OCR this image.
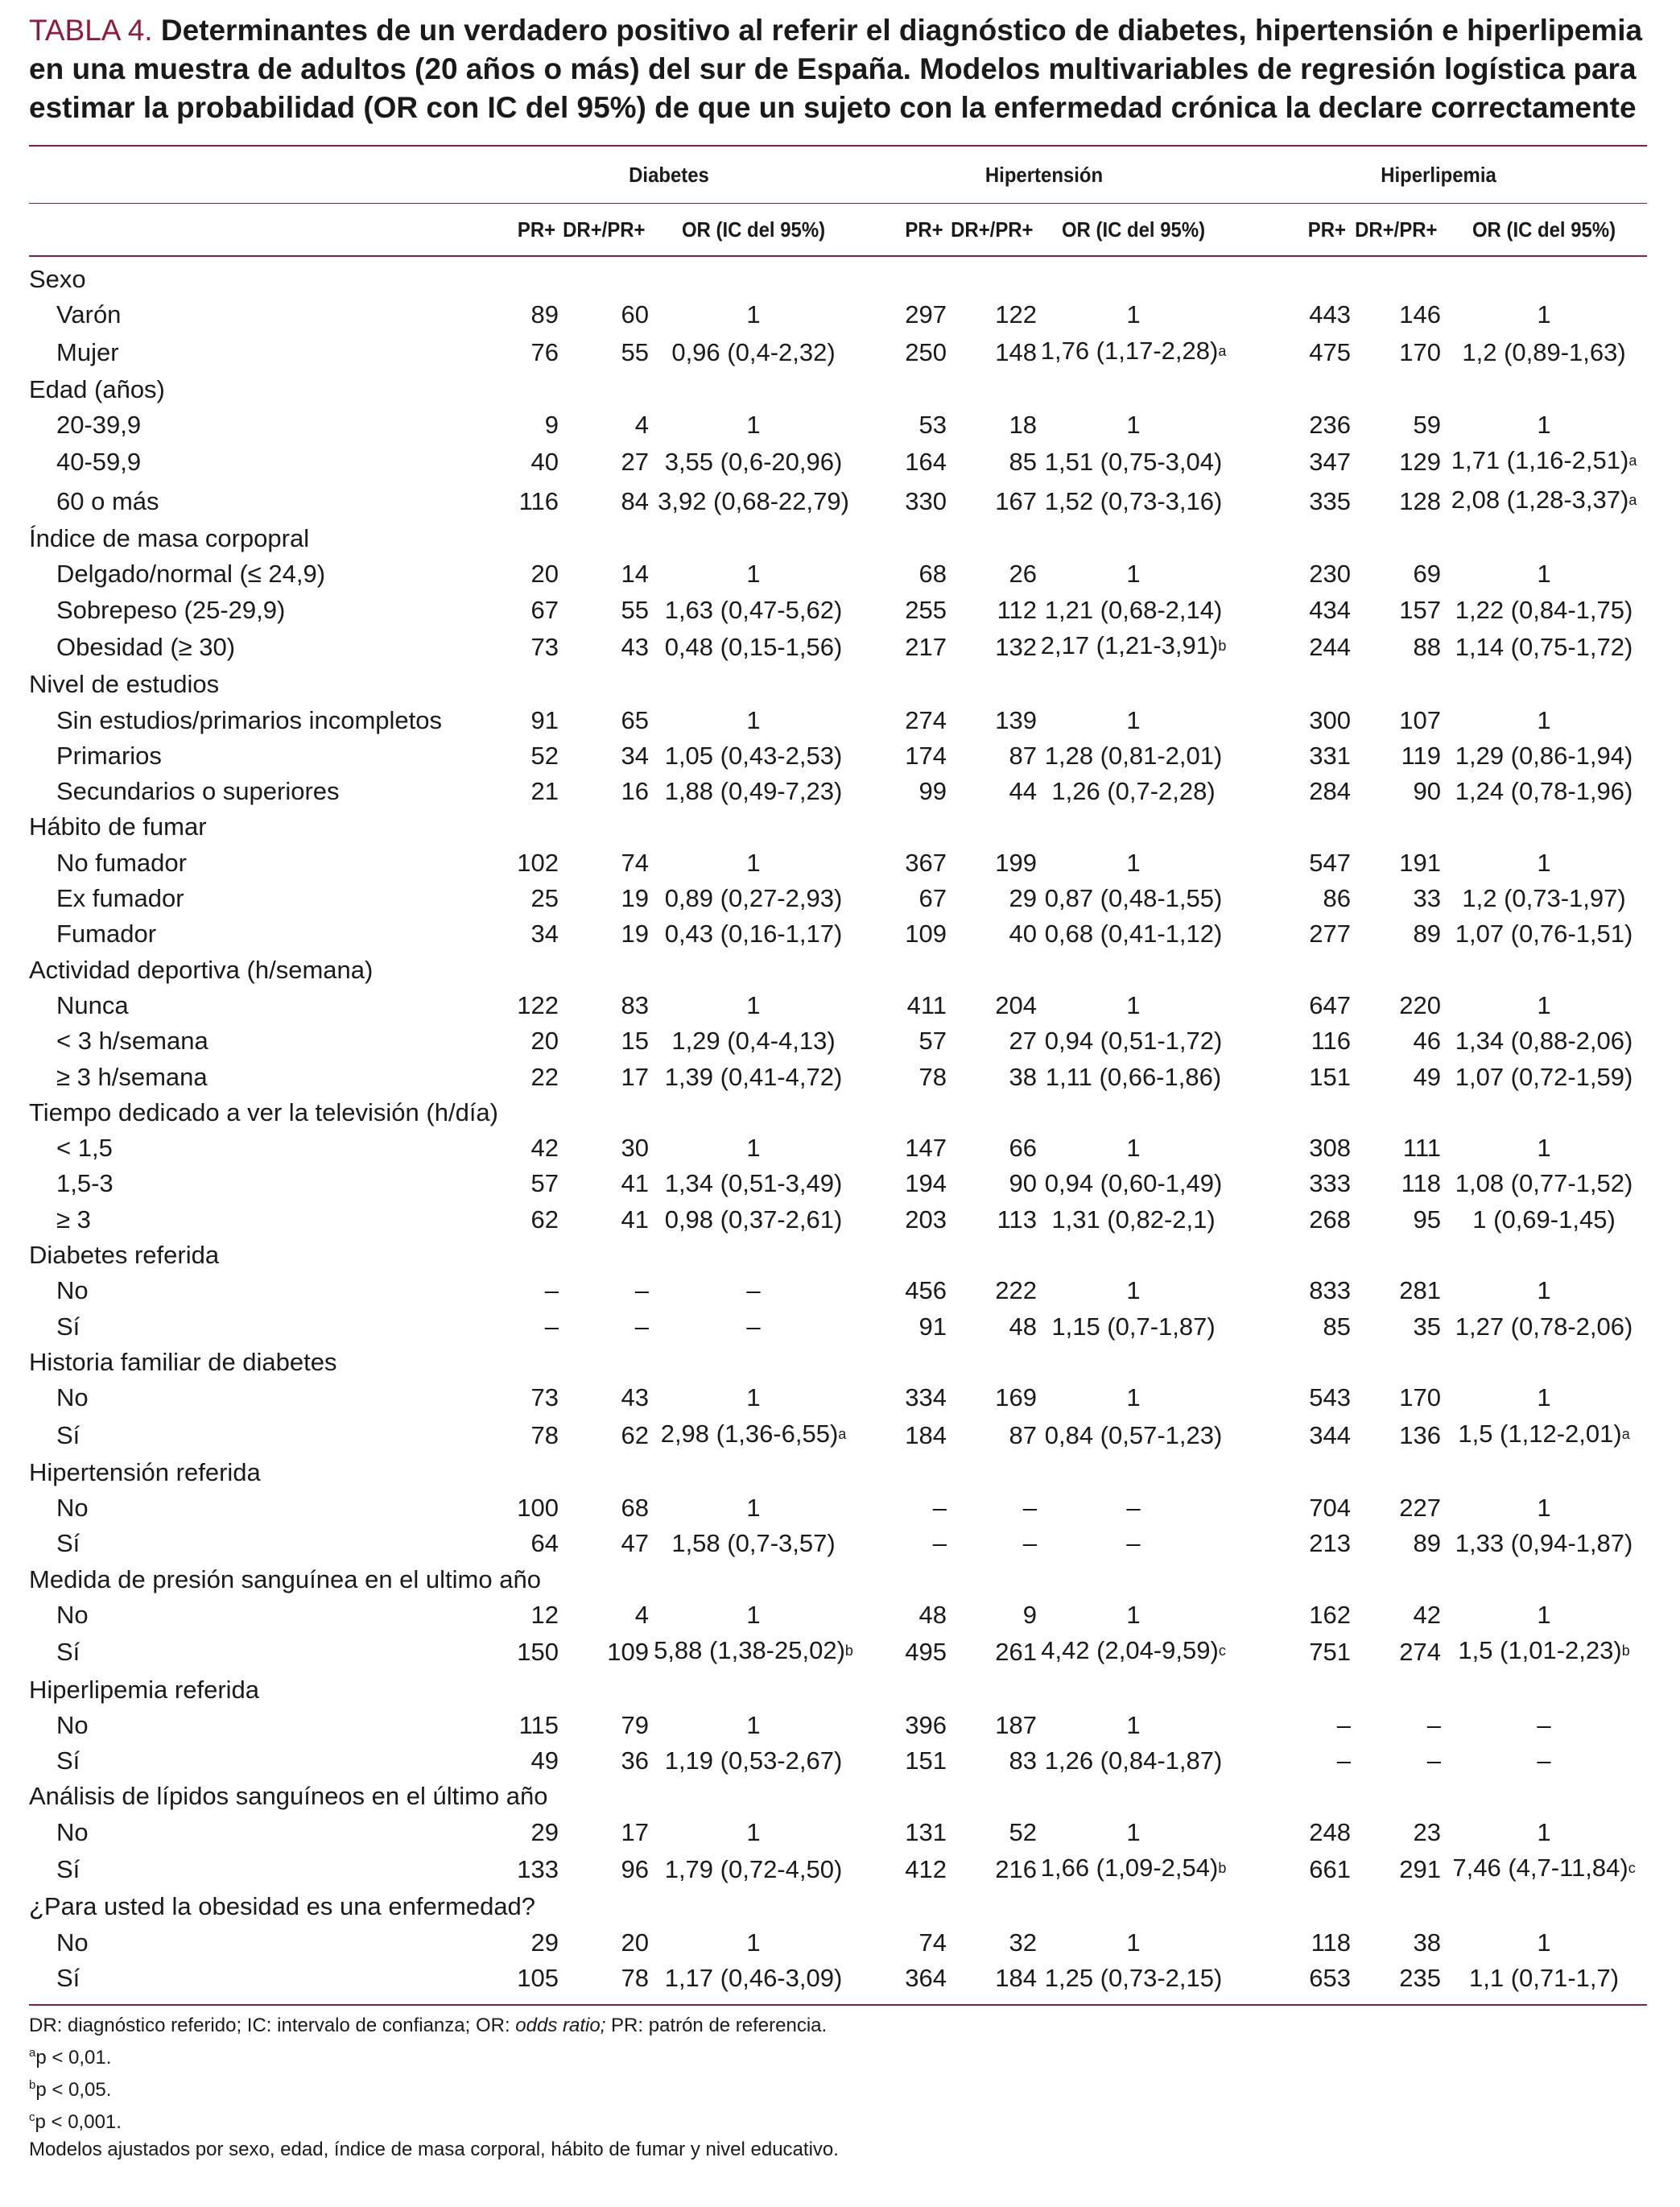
TABLA 4. Determinantes de un verdadero positivo al referir el diagnóstico de diabetes, hipertensión e hiperlipemia en una muestra de adultos (20 años o más) del sur de España. Modelos multivariables de regresión logística para estimar la probabilidad (OR con IC del 95%) de que un sujeto con la enfermedad crónica la declare correctamente

	Diabetes			Hipertensión			Hiperlipemia		
	PR+	DR+/PR+	OR (IC del 95%)	PR+	DR+/PR+	OR (IC del 95%)	PR+	DR+/PR+	OR (IC del 95%)
Sexo									
Varón	89	60	1	297	122	1	443	146	1
Mujer	76	55	0,96 (0,4-2,32)	250	148	1,76 $(1,17-2,28)^a$	475	170	1,2 (0,89-1,63)
Edad (años)									
20-39,9	9	4	1	53	18	1	236	59	1
40-59,9	40	27	3,55 (0,6-20,96)	164	85	1,51 (0,75-3,04)	347	129	1,71 $(1,16-2,51)^a$
60 o más	116	84	3,92 (0,68-22,79)	330	167	1,52 (0,73-3,16)	335	128	2,08 $(1,28-3,37)^a$
Índice de masa corpopral									
Delgado/normal (≤ 24,9)	20	14	1	68	26	1	230	69	1
Sobrepeso (25-29,9)	67	55	1,63 (0,47-5,62)	255	112	1,21 (0,68-2,14)	434	157	1,22 (0,84-1,75)
Obesidad (≥ 30)	73	43	0,48 (0,15-1,56)	217	132	2,17 $(1,21-3,91)^b$	244	88	1,14 (0,75-1,72)
Nivel de estudios									
Sin estudios/primarios incompletos	91	65	1	274	139	1	300	107	1
Primarios	52	34	1,05 (0,43-2,53)	174	87	1,28 (0,81-2,01)	331	119	1,29 (0,86-1,94)
Secundarios o superiores	21	16	1,88 (0,49-7,23)	99	44	1,26 (0,7-2,28)	284	90	1,24 (0,78-1,96)
Hábito de fumar									
No fumador	102	74	1	367	199	1	547	191	1
Ex fumador	25	19	0,89 (0,27-2,93)	67	29	0,87 (0,48-1,55)	86	33	1,2 (0,73-1,97)
Fumador	34	19	0,43 (0,16-1,17)	109	40	0,68 (0,41-1,12)	277	89	1,07 (0,76-1,51)
Actividad deportiva (h/semana)									
Nunca	122	83	1	411	204	1	647	220	1
< 3 h/semana	20	15	1,29 (0,4-4,13)	57	27	0,94 (0,51-1,72)	116	46	1,34 (0,88-2,06)
≥ 3 h/semana	22	17	1,39 (0,41-4,72)	78	38	1,11 (0,66-1,86)	151	49	1,07 (0,72-1,59)
Tiempo dedicado a ver la televisión (h/día)									
< 1,5	42	30	1	147	66	1	308	111	1
1,5-3	57	41	1,34 (0,51-3,49)	194	90	0,94 (0,60-1,49)	333	118	1,08 (0,77-1,52)
≥ 3	62	41	0,98 (0,37-2,61)	203	113	1,31 (0,82-2,1)	268	95	1 (0,69-1,45)
Diabetes referida									
No	–	–	–	456	222	1	833	281	1
Sí	–	–	–	91	48	1,15 (0,7-1,87)	85	35	1,27 (0,78-2,06)
Historia familiar de diabetes									
No	73	43	1	334	169	1	543	170	1
Sí	78	62	2,98 $(1,36-6,55)^a$	184	87	0,84 (0,57-1,23)	344	136	1,5 $(1,12-2,01)^a$
Hipertensión referida									
No	100	68	1	–	–	–	704	227	1
Sí	64	47	1,58 (0,7-3,57)	–	–	–	213	89	1,33 (0,94-1,87)
Medida de presión sanguínea en el ultimo año									
No	12	4	1	48	9	1	162	42	1
Sí	150	109	5,88 $(1,38-25,02)^b$	495	261	4,42 $(2,04-9,59)^c$	751	274	1,5 $(1,01-2,23)^b$
Hiperlipemia referida									
No	115	79	1	396	187	1	–	–	–
Sí	49	36	1,19 (0,53-2,67)	151	83	1,26 (0,84-1,87)	–	–	–
Análisis de lípidos sanguíneos en el último año									
No	29	17	1	131	52	1	248	23	1
Sí	133	96	1,79 (0,72-4,50)	412	216	1,66 $(1,09-2,54)^b$	661	291	7,46 $(4,7-11,84)^c$
¿Para usted la obesidad es una enfermedad?									
No	29	20	1	74	32	1	118	38	1
Sí	105	78	1,17 (0,46-3,09)	364	184	1,25 (0,73-2,15)	653	235	1,1 (0,71-1,7)
DR: diagnóstico referido; IC: intervalo de confianza; OR: odds ratio; PR: patrón de referencia.
$^a$p < 0,01.
$^b$p < 0,05.
$^c$p < 0,001.
Modelos ajustados por sexo, edad, índice de masa corporal, hábito de fumar y nivel educativo.
